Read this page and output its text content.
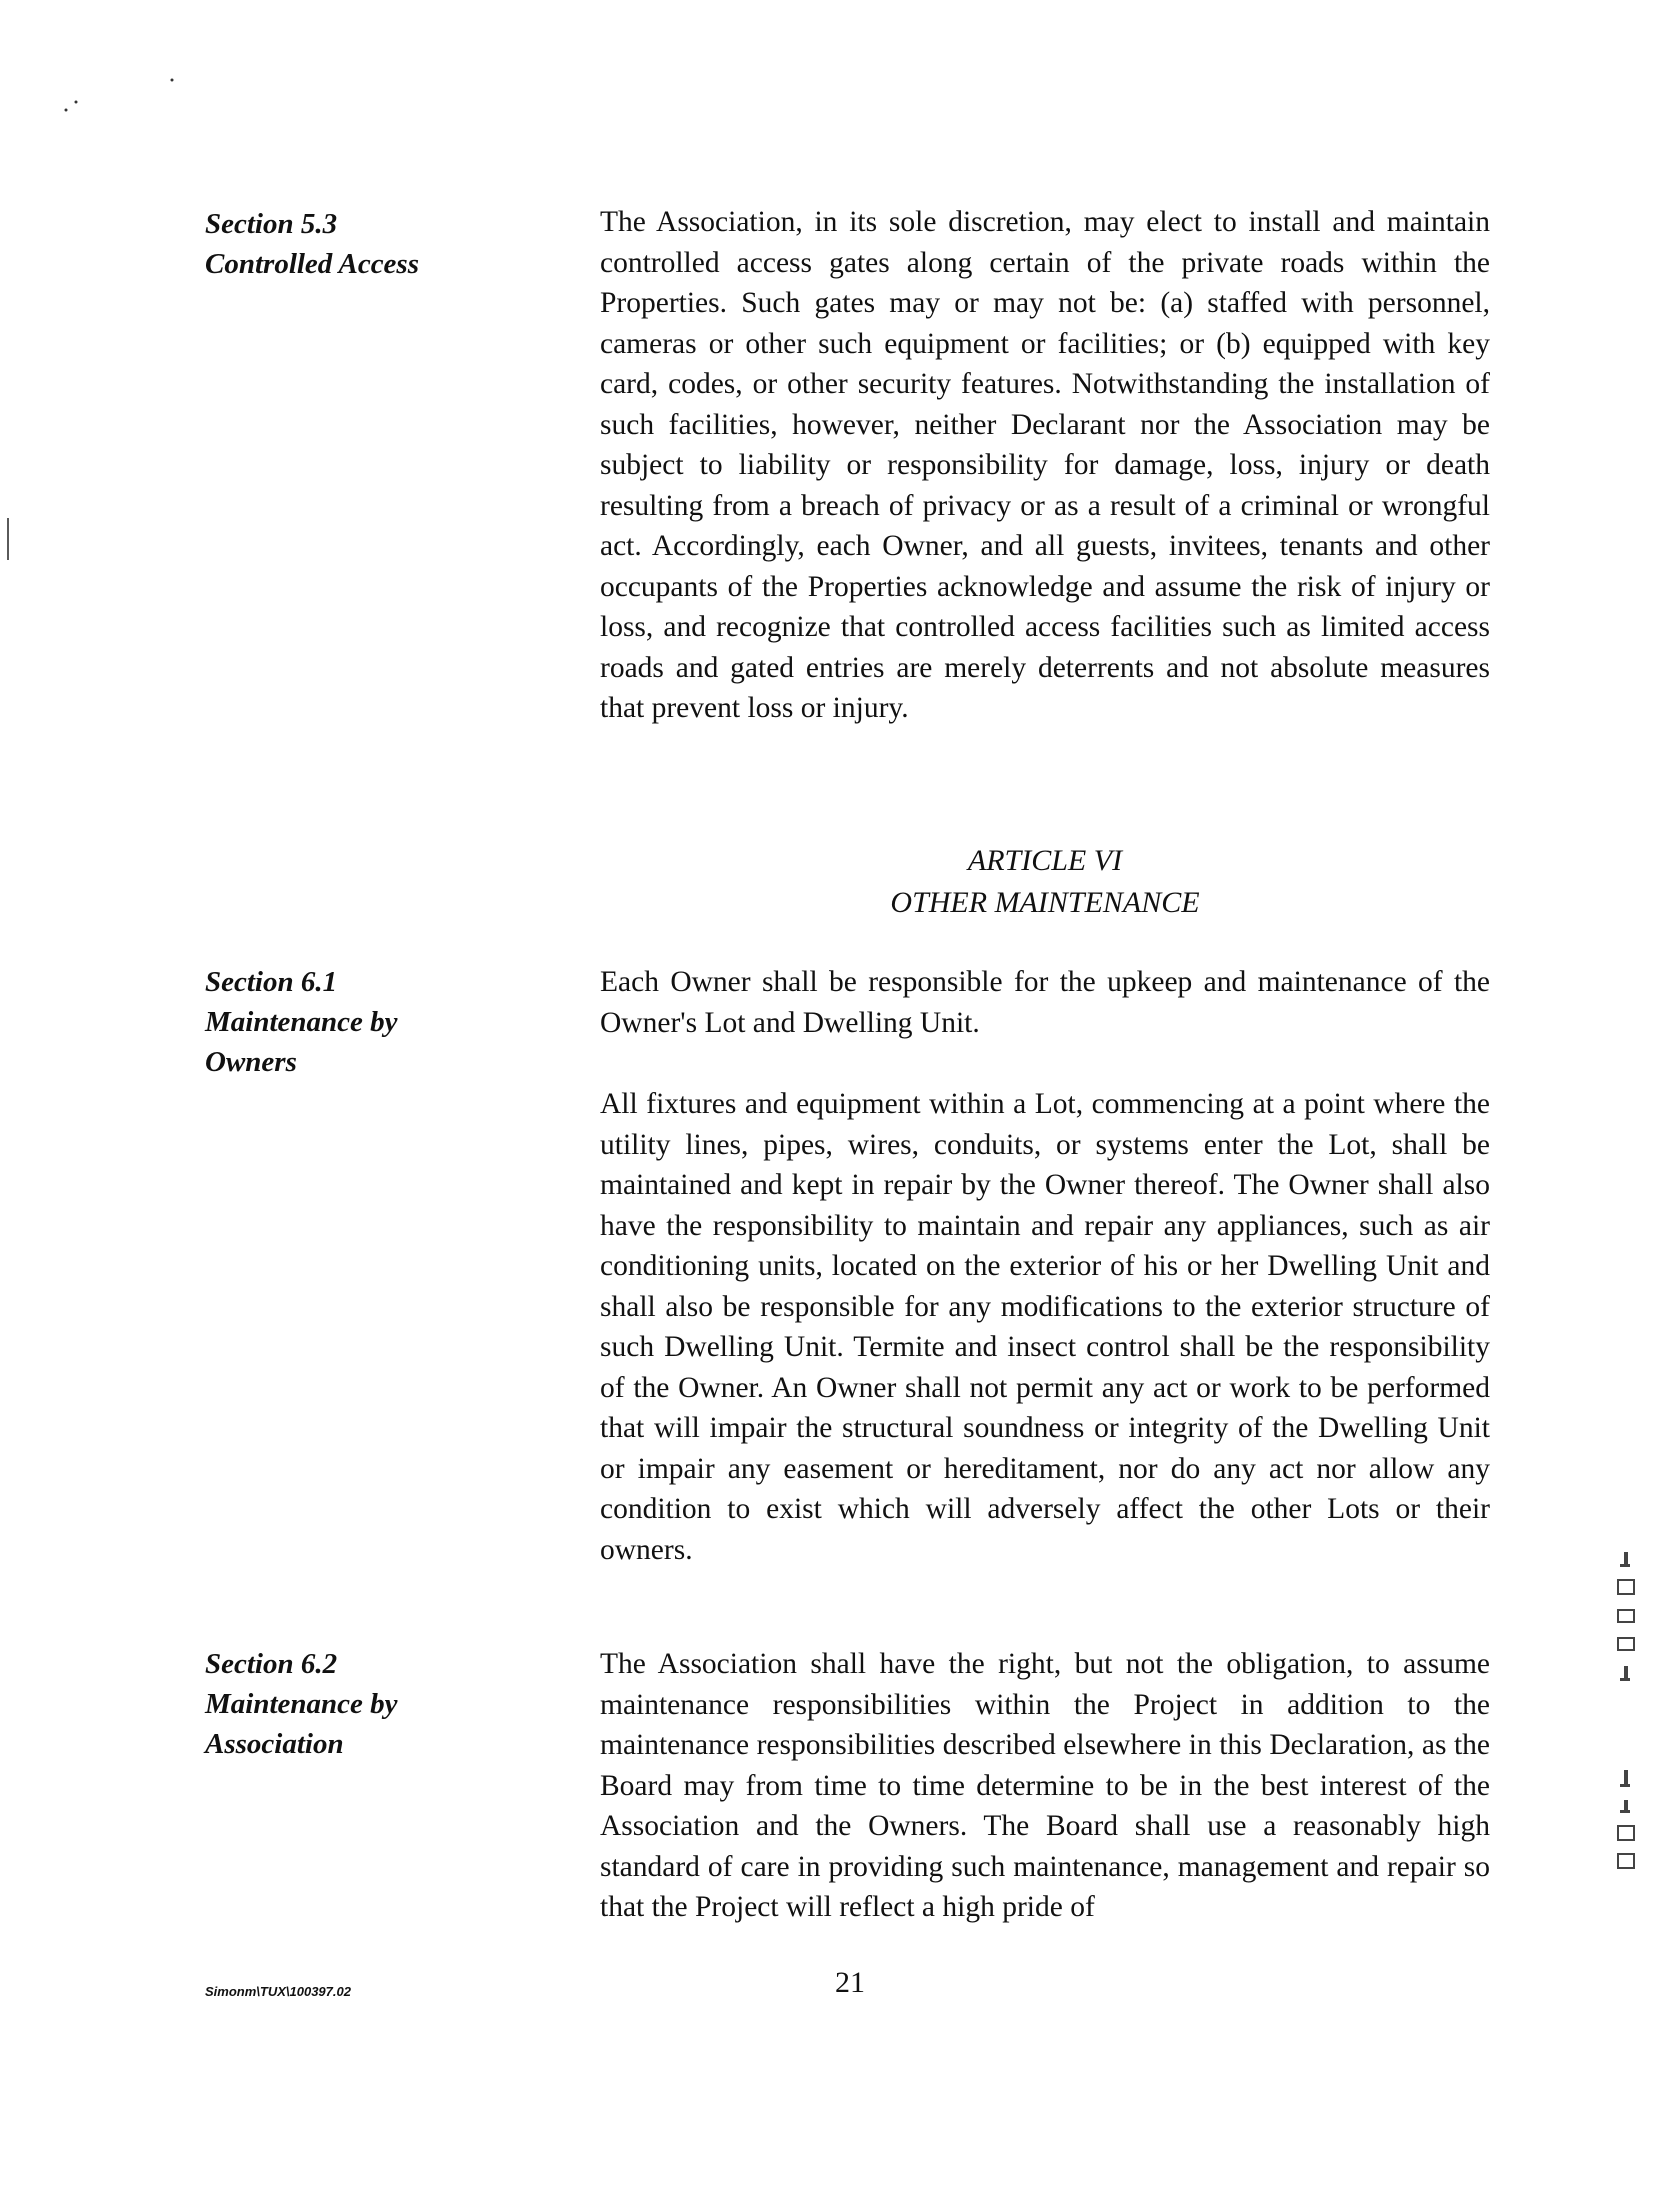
Section 5.3
Controlled Access
The Association, in its sole discretion, may elect to install and maintain controlled access gates along certain of the private roads within the Properties. Such gates may or may not be: (a) staffed with personnel, cameras or other such equipment or facilities; or (b) equipped with key card, codes, or other security features. Notwithstanding the installation of such facilities, however, neither Declarant nor the Association may be subject to liability or responsibility for damage, loss, injury or death resulting from a breach of privacy or as a result of a criminal or wrongful act. Accordingly, each Owner, and all guests, invitees, tenants and other occupants of the Properties acknowledge and assume the risk of injury or loss, and recognize that controlled access facilities such as limited access roads and gated entries are merely deterrents and not absolute measures that prevent loss or injury.
ARTICLE VI
OTHER MAINTENANCE
Section 6.1
Maintenance by
Owners
Each Owner shall be responsible for the upkeep and maintenance of the Owner's Lot and Dwelling Unit.
All fixtures and equipment within a Lot, commencing at a point where the utility lines, pipes, wires, conduits, or systems enter the Lot, shall be maintained and kept in repair by the Owner thereof. The Owner shall also have the responsibility to maintain and repair any appliances, such as air conditioning units, located on the exterior of his or her Dwelling Unit and shall also be responsible for any modifications to the exterior structure of such Dwelling Unit. Termite and insect control shall be the responsibility of the Owner. An Owner shall not permit any act or work to be performed that will impair the structural soundness or integrity of the Dwelling Unit or impair any easement or hereditament, nor do any act nor allow any condition to exist which will adversely affect the other Lots or their owners.
Section 6.2
Maintenance by
Association
The Association shall have the right, but not the obligation, to assume maintenance responsibilities within the Project in addition to the maintenance responsibilities described elsewhere in this Declaration, as the Board may from time to time determine to be in the best interest of the Association and the Owners. The Board shall use a reasonably high standard of care in providing such maintenance, management and repair so that the Project will reflect a high pride of
Simonm\TUX\100397.02	21
